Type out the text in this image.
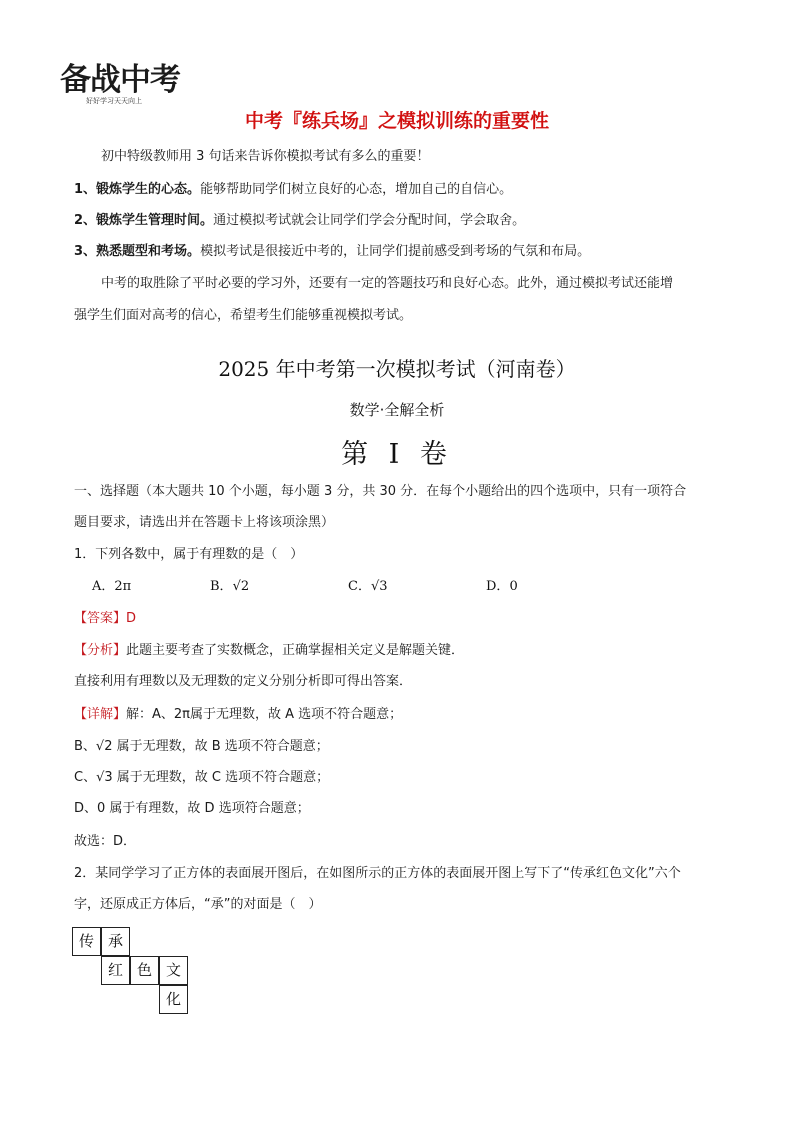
备战中考
好好学习天天向上
中考『练兵场』之模拟训练的重要性
初中特级教师用 3 句话来告诉你模拟考试有多么的重要！
1、锻炼学生的心态。能够帮助同学们树立良好的心态，增加自己的自信心。
2、锻炼学生管理时间。通过模拟考试就会让同学们学会分配时间，学会取舍。
3、熟悉题型和考场。模拟考试是很接近中考的，让同学们提前感受到考场的气氛和布局。
中考的取胜除了平时必要的学习外，还要有一定的答题技巧和良好心态。此外，通过模拟考试还能增
强学生们面对高考的信心，希望考生们能够重视模拟考试。
2025 年中考第一次模拟考试（河南卷）
数学·全解全析
第 I 卷
一、选择题（本大题共 10 个小题，每小题 3 分，共 30 分．在每个小题给出的四个选项中，只有一项符合
题目要求，请选出并在答题卡上将该项涂黑）
1．下列各数中，属于有理数的是（　）
A．2π	B．√2	C．√3	D．0
【答案】D
【分析】此题主要考查了实数概念，正确掌握相关定义是解题关键．
直接利用有理数以及无理数的定义分别分析即可得出答案．
【详解】解：A、2π属于无理数，故 A 选项不符合题意；
B、√2 属于无理数，故 B 选项不符合题意；
C、√3 属于无理数，故 C 选项不符合题意；
D、0 属于有理数，故 D 选项符合题意；
故选：D．
2．某同学学习了正方体的表面展开图后，在如图所示的正方体的表面展开图上写下了“传承红色文化”六个
字，还原成正方体后，“承”的对面是（　）
传 承
红 色 文
化
